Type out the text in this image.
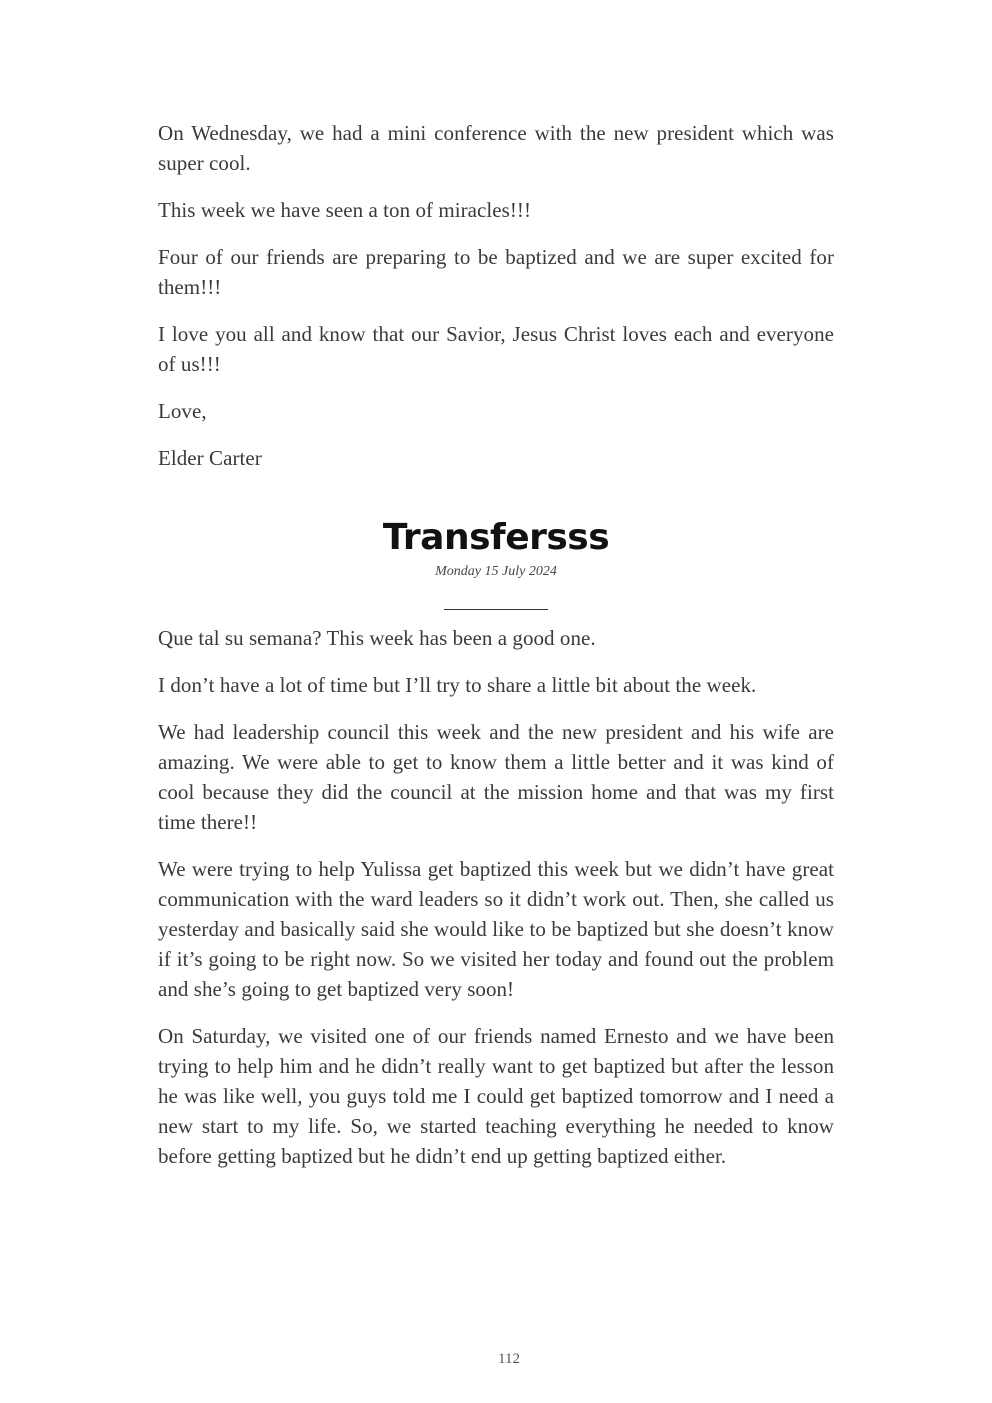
On Wednesday, we had a mini conference with the new president which was super cool.

This week we have seen a ton of miracles!!!

Four of our friends are preparing to be baptized and we are super excited for them!!!

I love you all and know that our Savior, Jesus Christ loves each and everyone of us!!!

Love,

Elder Carter

Transfersss
Monday 15 July 2024

Que tal su semana? This week has been a good one.

I don’t have a lot of time but I’ll try to share a little bit about the week.

We had leadership council this week and the new president and his wife are amazing. We were able to get to know them a little better and it was kind of cool because they did the council at the mission home and that was my first time there!!

We were trying to help Yulissa get baptized this week but we didn’t have great communication with the ward leaders so it didn’t work out. Then, she called us yesterday and basically said she would like to be baptized but she doesn’t know if it’s going to be right now. So we visited her today and found out the problem and she’s going to get baptized very soon!

On Saturday, we visited one of our friends named Ernesto and we have been trying to help him and he didn’t really want to get baptized but after the lesson he was like well, you guys told me I could get baptized tomorrow and I need a new start to my life. So, we started teaching everything he needed to know before getting baptized but he didn’t end up getting baptized either.

112
